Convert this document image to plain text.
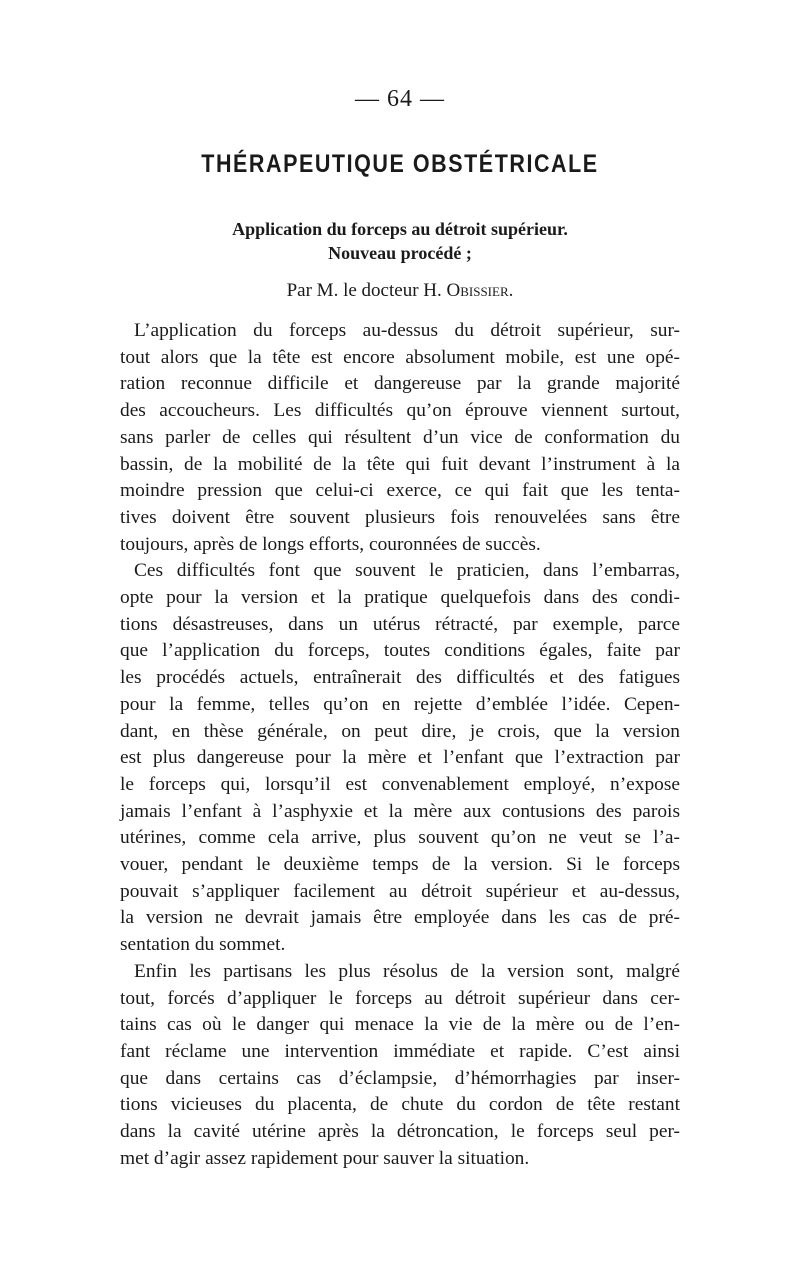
— 64 —
THÉRAPEUTIQUE OBSTÉTRICALE
Application du forceps au détroit supérieur.
Nouveau procédé ;
Par M. le docteur H. Obissier.

L’application du forceps au-dessus du détroit supérieur, sur-
tout alors que la tête est encore absolument mobile, est une opé-
ration reconnue difficile et dangereuse par la grande majorité
des accoucheurs. Les difficultés qu’on éprouve viennent surtout,
sans parler de celles qui résultent d’un vice de conformation du
bassin, de la mobilité de la tête qui fuit devant l’instrument à la
moindre pression que celui-ci exerce, ce qui fait que les tenta-
tives doivent être souvent plusieurs fois renouvelées sans être
toujours, après de longs efforts, couronnées de succès.

Ces difficultés font que souvent le praticien, dans l’embarras,
opte pour la version et la pratique quelquefois dans des condi-
tions désastreuses, dans un utérus rétracté, par exemple, parce
que l’application du forceps, toutes conditions égales, faite par
les procédés actuels, entraînerait des difficultés et des fatigues
pour la femme, telles qu’on en rejette d’emblée l’idée. Cepen-
dant, en thèse générale, on peut dire, je crois, que la version
est plus dangereuse pour la mère et l’enfant que l’extraction par
le forceps qui, lorsqu’il est convenablement employé, n’expose
jamais l’enfant à l’asphyxie et la mère aux contusions des parois
utérines, comme cela arrive, plus souvent qu’on ne veut se l’a-
vouer, pendant le deuxième temps de la version. Si le forceps
pouvait s’appliquer facilement au détroit supérieur et au-dessus,
la version ne devrait jamais être employée dans les cas de pré-
sentation du sommet.

Enfin les partisans les plus résolus de la version sont, malgré
tout, forcés d’appliquer le forceps au détroit supérieur dans cer-
tains cas où le danger qui menace la vie de la mère ou de l’en-
fant réclame une intervention immédiate et rapide. C’est ainsi
que dans certains cas d’éclampsie, d’hémorrhagies par inser-
tions vicieuses du placenta, de chute du cordon de tête restant
dans la cavité utérine après la détroncation, le forceps seul per-
met d’agir assez rapidement pour sauver la situation.
